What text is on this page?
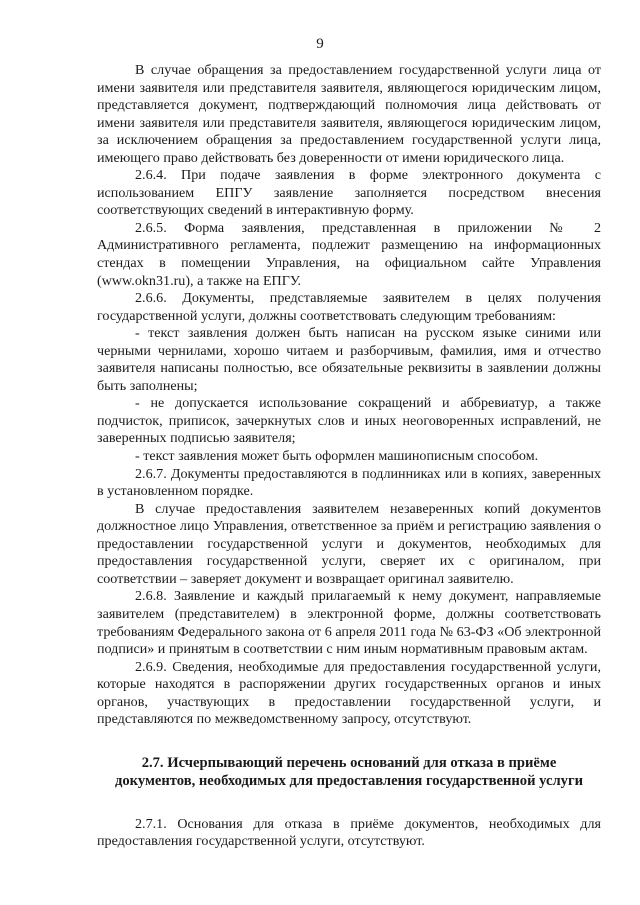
9

В случае обращения за предоставлением государственной услуги лица от имени заявителя или представителя заявителя, являющегося юридическим лицом, представляется документ, подтверждающий полномочия лица действовать от имени заявителя или представителя заявителя, являющегося юридическим лицом, за исключением обращения за предоставлением государственной услуги лица, имеющего право действовать без доверенности от имени юридического лица.

2.6.4. При подаче заявления в форме электронного документа с использованием ЕПГУ заявление заполняется посредством внесения соответствующих сведений в интерактивную форму.

2.6.5. Форма заявления, представленная в приложении № 2 Административного регламента, подлежит размещению на информационных стендах в помещении Управления, на официальном сайте Управления (www.okn31.ru), а также на ЕПГУ.

2.6.6. Документы, представляемые заявителем в целях получения государственной услуги, должны соответствовать следующим требованиям:

- текст заявления должен быть написан на русском языке синими или черными чернилами, хорошо читаем и разборчивым, фамилия, имя и отчество заявителя написаны полностью, все обязательные реквизиты в заявлении должны быть заполнены;

- не допускается использование сокращений и аббревиатур, а также подчисток, приписок, зачеркнутых слов и иных неоговоренных исправлений, не заверенных подписью заявителя;

- текст заявления может быть оформлен машинописным способом.

2.6.7. Документы предоставляются в подлинниках или в копиях, заверенных в установленном порядке.

В случае предоставления заявителем незаверенных копий документов должностное лицо Управления, ответственное за приём и регистрацию заявления о предоставлении государственной услуги и документов, необходимых для предоставления государственной услуги, сверяет их с оригиналом, при соответствии – заверяет документ и возвращает оригинал заявителю.

2.6.8. Заявление и каждый прилагаемый к нему документ, направляемые заявителем (представителем) в электронной форме, должны соответствовать требованиям Федерального закона от 6 апреля 2011 года № 63-ФЗ «Об электронной подписи» и принятым в соответствии с ним иным нормативным правовым актам.

2.6.9. Сведения, необходимые для предоставления государственной услуги, которые находятся в распоряжении других государственных органов и иных органов, участвующих в предоставлении государственной услуги, и представляются по межведомственному запросу, отсутствуют.

2.7. Исчерпывающий перечень оснований для отказа в приёме
документов, необходимых для предоставления государственной услуги

2.7.1. Основания для отказа в приёме документов, необходимых для предоставления государственной услуги, отсутствуют.
